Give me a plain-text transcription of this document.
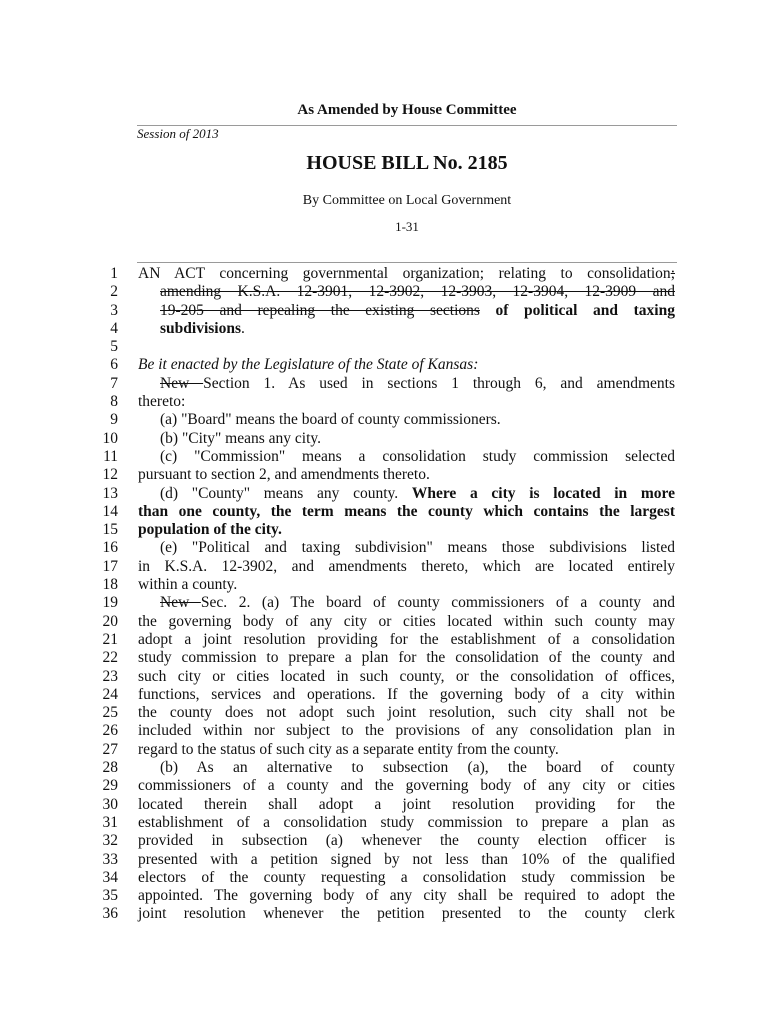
As Amended by House Committee
Session of 2013
HOUSE BILL No. 2185
By Committee on Local Government
1-31
1 AN ACT concerning governmental organization; relating to consolidation;
2	amending K.S.A. 12-3901, 12-3902, 12-3903, 12-3904, 12-3909 and
3	19-205 and repealing the existing sections of political and taxing
4	subdivisions.
5
6 Be it enacted by the Legislature of the State of Kansas:
7	New Section 1. As used in sections 1 through 6, and amendments
8 thereto:
9	(a) "Board" means the board of county commissioners.
10	(b) "City" means any city.
11	(c) "Commission" means a consolidation study commission selected
12 pursuant to section 2, and amendments thereto.
13	(d) "County" means any county. Where a city is located in more
14 than one county, the term means the county which contains the largest
15 population of the city.
16	(e) "Political and taxing subdivision" means those subdivisions listed
17 in K.S.A. 12-3902, and amendments thereto, which are located entirely
18 within a county.
19	New Sec. 2. (a) The board of county commissioners of a county and
20 the governing body of any city or cities located within such county may
21 adopt a joint resolution providing for the establishment of a consolidation
22 study commission to prepare a plan for the consolidation of the county and
23 such city or cities located in such county, or the consolidation of offices,
24 functions, services and operations. If the governing body of a city within
25 the county does not adopt such joint resolution, such city shall not be
26 included within nor subject to the provisions of any consolidation plan in
27 regard to the status of such city as a separate entity from the county.
28	(b) As an alternative to subsection (a), the board of county
29 commissioners of a county and the governing body of any city or cities
30 located therein shall adopt a joint resolution providing for the
31 establishment of a consolidation study commission to prepare a plan as
32 provided in subsection (a) whenever the county election officer is
33 presented with a petition signed by not less than 10% of the qualified
34 electors of the county requesting a consolidation study commission be
35 appointed. The governing body of any city shall be required to adopt the
36 joint resolution whenever the petition presented to the county clerk
